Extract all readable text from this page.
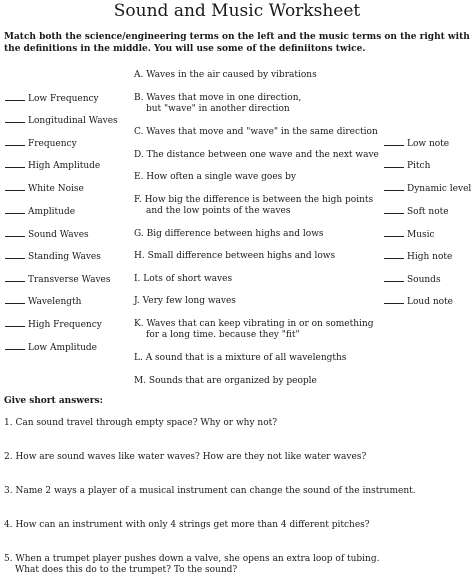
Sound and Music Worksheet

Match both the science/engineering terms on the left and the music terms on the right with the definitions in the middle. You will use some of the definiitons twice.

Low Frequency
Longitudinal Waves
Frequency
High Amplitude
White Noise
Amplitude
Sound Waves
Standing Waves
Transverse Waves
Wavelength
High Frequency
Low Amplitude
A. Waves in the air caused by vibrations
B. Waves that move in one direction,
but "wave" in another direction
C. Waves that move and "wave" in the same direction
D. The distance between one wave and the next wave
E. How often a single wave goes by
F. How big the difference is between the high points
and the low points of the waves
G. Big difference between highs and lows
H. Small difference between highs and lows
I. Lots of short waves
J. Very few long waves
K. Waves that can keep vibrating in or on something
for a long time. because they "fit"
L. A sound that is a mixture of all wavelengths
M. Sounds that are organized by people
Low note
Pitch
Dynamic level
Soft note
Music
High note
Sounds
Loud note

Give short answers:

1. Can sound travel through empty space? Why or why not?
2. How are sound waves like water waves? How are they not like water waves?
3. Name 2 ways a player of a musical instrument can change the sound of the instrument.
4. How can an instrument with only 4 strings get more than 4 different pitches?
5. When a trumpet player pushes down a valve, she opens an extra loop of tubing.
What does this do to the trumpet? To the sound?
